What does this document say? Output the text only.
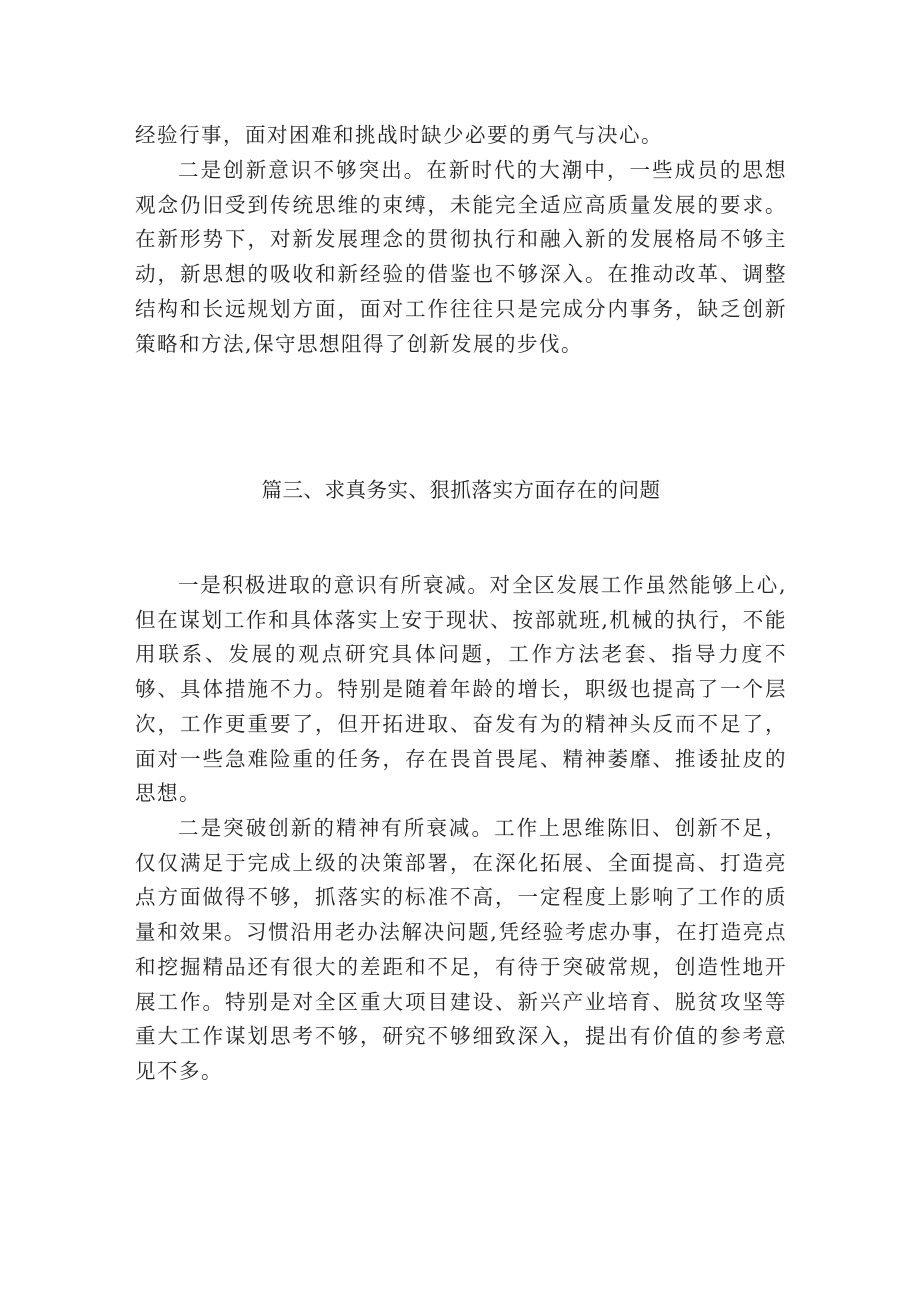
经验行事，面对困难和挑战时缺少必要的勇气与决心。

二是创新意识不够突出。在新时代的大潮中，一些成员的思想观念仍旧受到传统思维的束缚，未能完全适应高质量发展的要求。在新形势下，对新发展理念的贯彻执行和融入新的发展格局不够主动，新思想的吸收和新经验的借鉴也不够深入。在推动改革、调整结构和长远规划方面，面对工作往往只是完成分内事务，缺乏创新策略和方法,保守思想阻得了创新发展的步伐。

篇三、求真务实、狠抓落实方面存在的问题

一是积极进取的意识有所衰减。对全区发展工作虽然能够上心,但在谋划工作和具体落实上安于现状、按部就班,机械的执行，不能用联系、发展的观点研究具体问题，工作方法老套、指导力度不够、具体措施不力。特别是随着年龄的增长，职级也提高了一个层次，工作更重要了，但开拓进取、奋发有为的精神头反而不足了，面对一些急难险重的任务，存在畏首畏尾、精神萎靡、推诿扯皮的思想。

二是突破创新的精神有所衰减。工作上思维陈旧、创新不足，仅仅满足于完成上级的决策部署，在深化拓展、全面提高、打造亮点方面做得不够，抓落实的标准不高，一定程度上影响了工作的质量和效果。习惯沿用老办法解决问题,凭经验考虑办事，在打造亮点和挖掘精品还有很大的差距和不足，有待于突破常规，创造性地开展工作。特别是对全区重大项目建设、新兴产业培育、脱贫攻坚等重大工作谋划思考不够，研究不够细致深入，提出有价值的参考意见不多。
